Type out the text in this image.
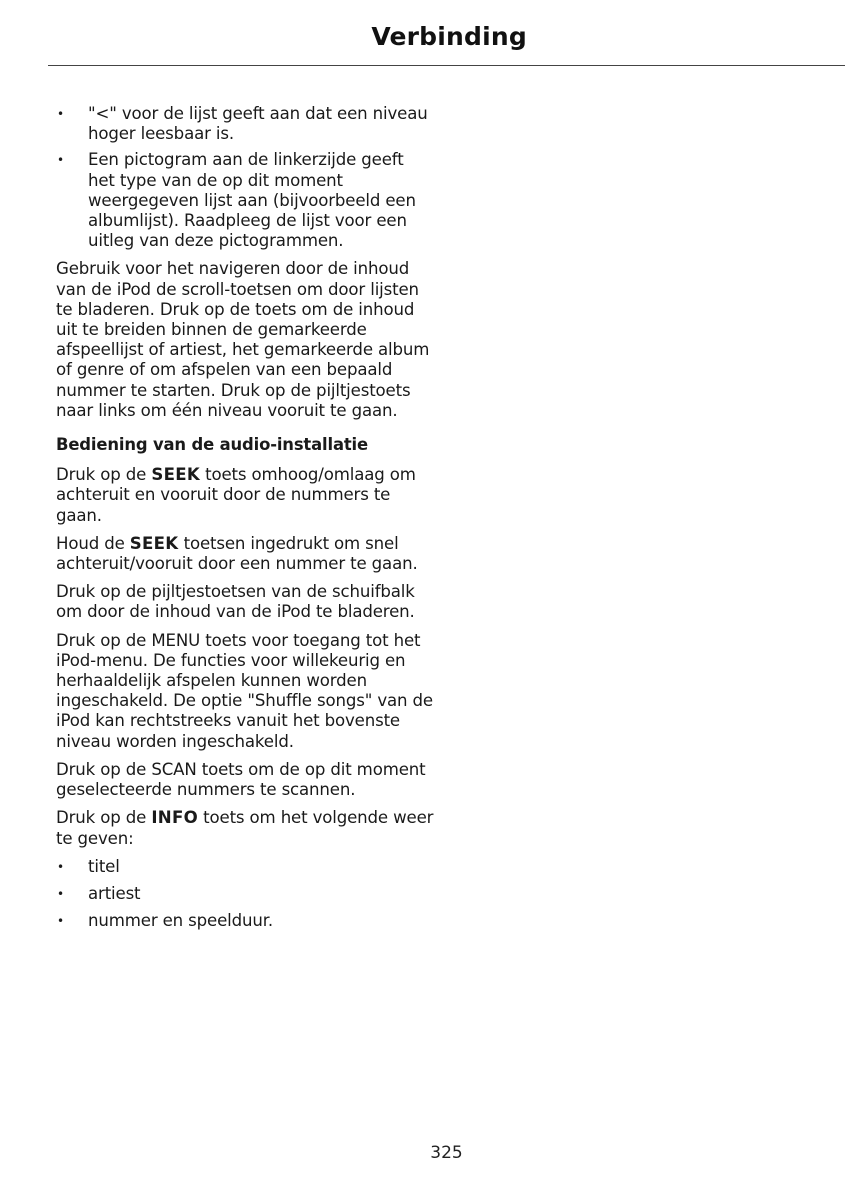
Verbinding
• "<" voor de lijst geeft aan dat een niveau hoger leesbaar is.
• Een pictogram aan de linkerzijde geeft het type van de op dit moment weergegeven lijst aan (bijvoorbeeld een albumlijst). Raadpleeg de lijst voor een uitleg van deze pictogrammen.

Gebruik voor het navigeren door de inhoud van de iPod de scroll-toetsen om door lijsten te bladeren. Druk op de toets om de inhoud uit te breiden binnen de gemarkeerde afspeellijst of artiest, het gemarkeerde album of genre of om afspelen van een bepaald nummer te starten. Druk op de pijltjestoets naar links om één niveau vooruit te gaan.

Bediening van de audio-installatie

Druk op de SEEK toets omhoog/omlaag om achteruit en vooruit door de nummers te gaan.

Houd de SEEK toetsen ingedrukt om snel achteruit/vooruit door een nummer te gaan.

Druk op de pijltjestoetsen van de schuifbalk om door de inhoud van de iPod te bladeren.

Druk op de MENU toets voor toegang tot het iPod-menu. De functies voor willekeurig en herhaaldelijk afspelen kunnen worden ingeschakeld. De optie "Shuffle songs" van de iPod kan rechtstreeks vanuit het bovenste niveau worden ingeschakeld.

Druk op de SCAN toets om de op dit moment geselecteerde nummers te scannen.

Druk op de INFO toets om het volgende weer te geven:

• titel
• artiest
• nummer en speelduur.
325
